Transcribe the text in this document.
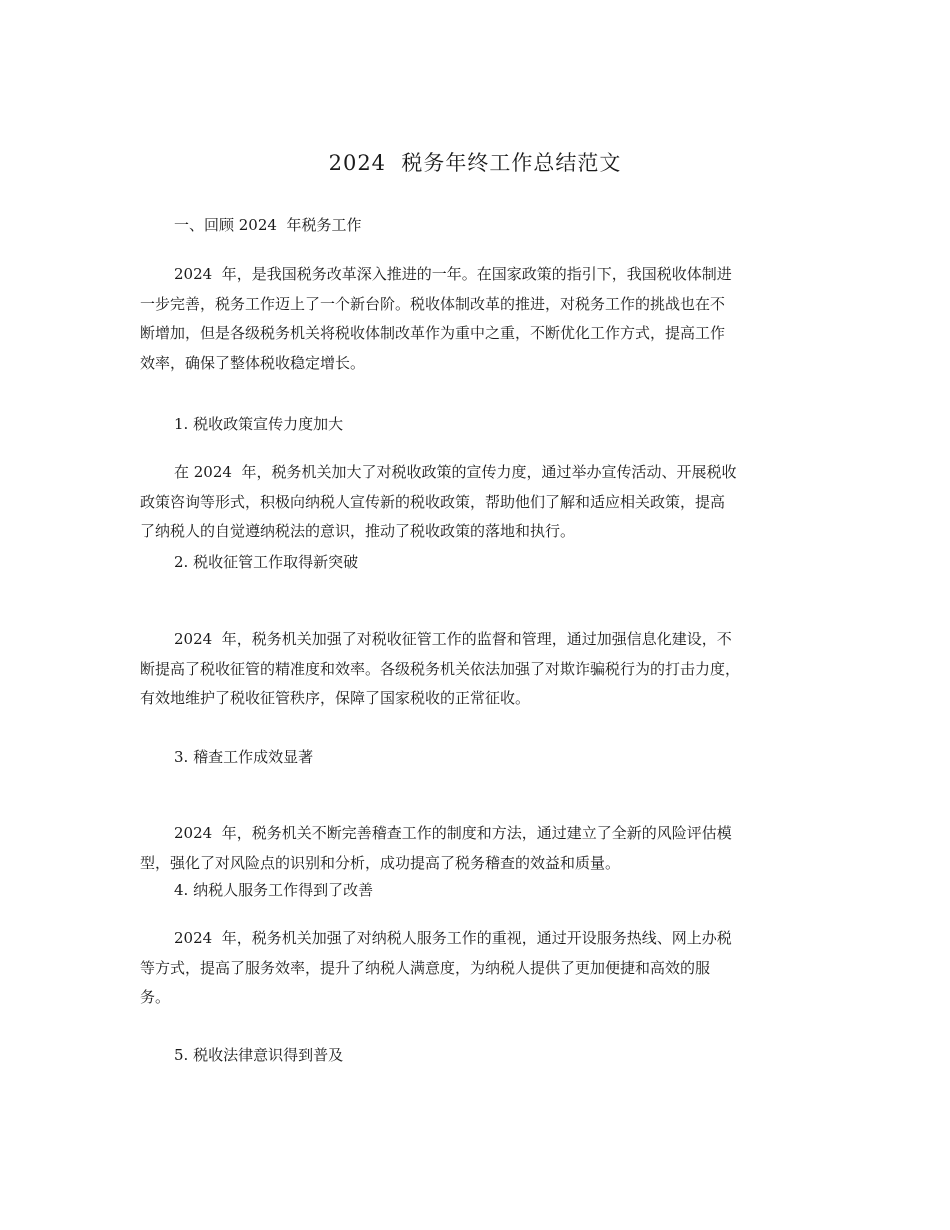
2024  税务年终工作总结范文
一、回顾 2024  年税务工作
2024  年，是我国税务改革深入推进的一年。在国家政策的指引下，我国税收体制进
一步完善，税务工作迈上了一个新台阶。税收体制改革的推进，对税务工作的挑战也在不
断增加，但是各级税务机关将税收体制改革作为重中之重，不断优化工作方式，提高工作
效率，确保了整体税收稳定增长。
1. 税收政策宣传力度加大
在 2024  年，税务机关加大了对税收政策的宣传力度，通过举办宣传活动、开展税收
政策咨询等形式，积极向纳税人宣传新的税收政策，帮助他们了解和适应相关政策，提高
了纳税人的自觉遵纳税法的意识，推动了税收政策的落地和执行。
2. 税收征管工作取得新突破
2024  年，税务机关加强了对税收征管工作的监督和管理，通过加强信息化建设，不
断提高了税收征管的精准度和效率。各级税务机关依法加强了对欺诈骗税行为的打击力度，
有效地维护了税收征管秩序，保障了国家税收的正常征收。
3. 稽查工作成效显著
2024  年，税务机关不断完善稽查工作的制度和方法，通过建立了全新的风险评估模
型，强化了对风险点的识别和分析，成功提高了税务稽查的效益和质量。
4. 纳税人服务工作得到了改善
2024  年，税务机关加强了对纳税人服务工作的重视，通过开设服务热线、网上办税
等方式，提高了服务效率，提升了纳税人满意度，为纳税人提供了更加便捷和高效的服
务。
5. 税收法律意识得到普及
